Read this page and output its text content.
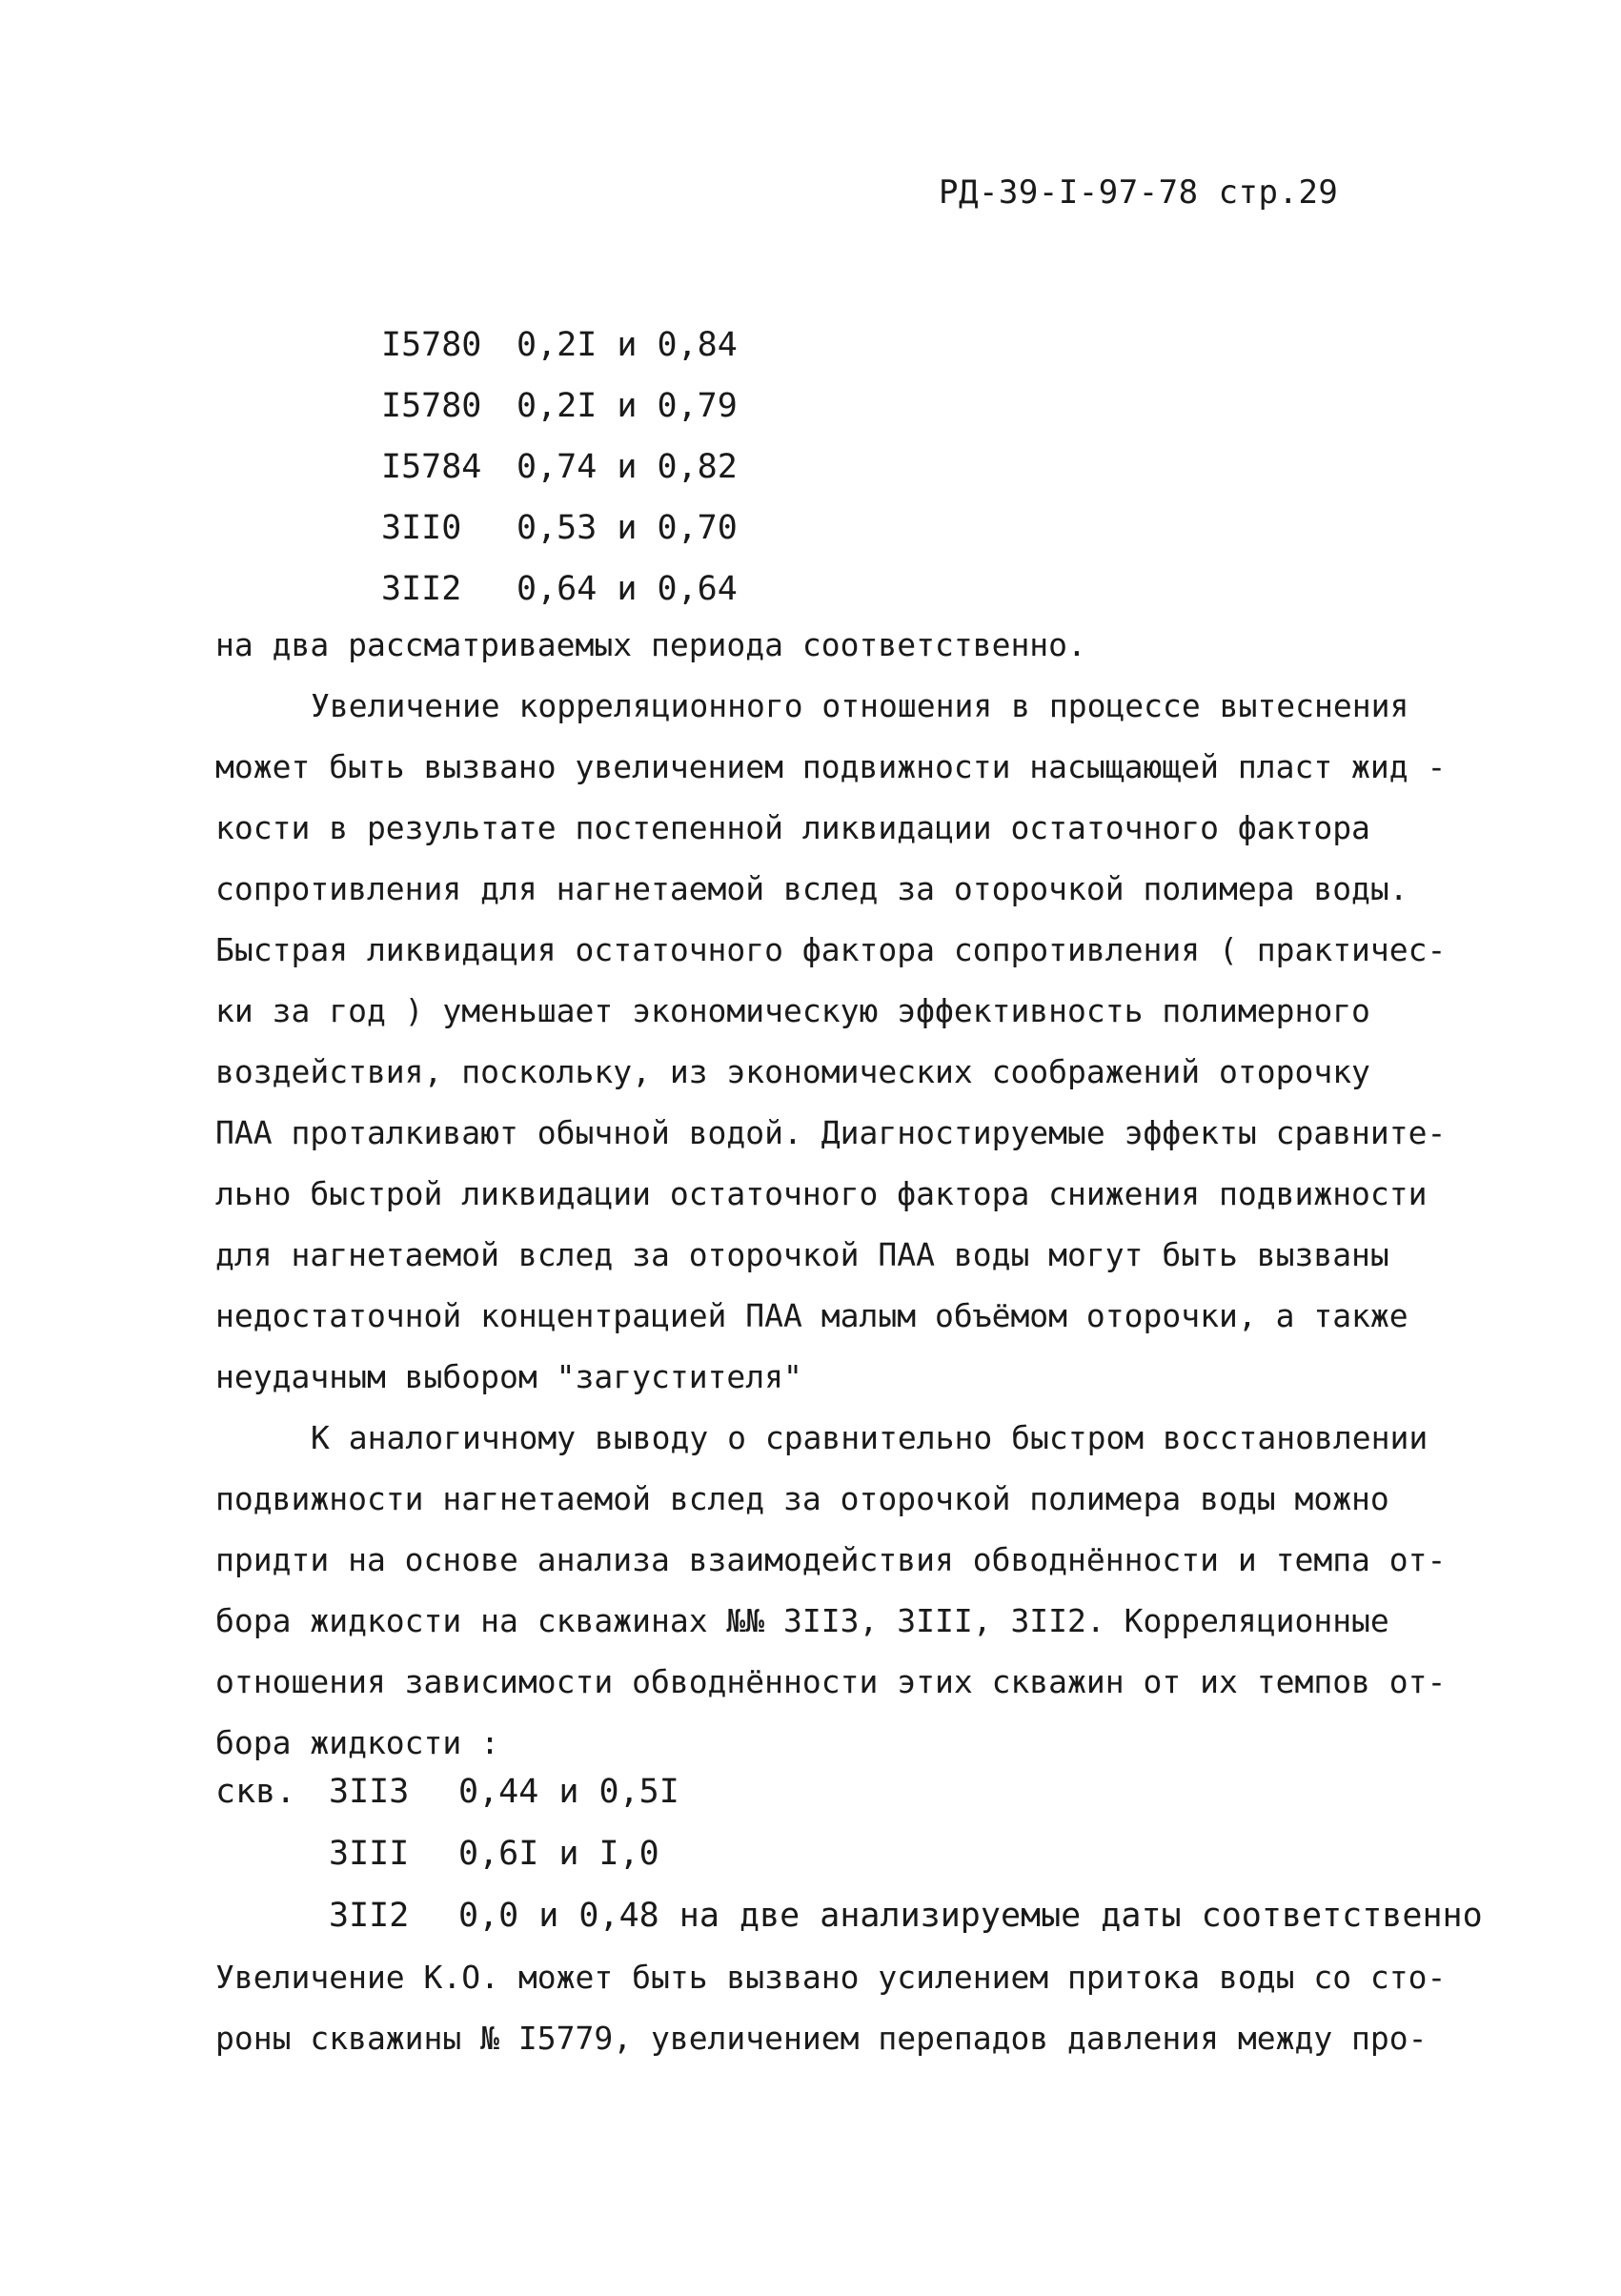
РД-39-I-97-78 стр.29
I5780	0,2I и 0,84
I5780	0,2I и 0,79
I5784	0,74 и 0,82
3II0	0,53 и 0,70
3II2	0,64 и 0,64
на два рассматриваемых периода соответственно.
Увеличение корреляционного отношения в процессе вытеснения
может быть вызвано увеличением подвижности насыщающей пласт жид -
кости в результате постепенной ликвидации остаточного фактора
сопротивления для нагнетаемой вслед за оторочкой полимера воды.
Быстрая ликвидация остаточного фактора сопротивления ( практичес-
ки за год ) уменьшает экономическую эффективность полимерного
воздействия, поскольку, из экономических соображений оторочку
ПАА проталкивают обычной водой. Диагностируемые эффекты сравните-
льно быстрой ликвидации остаточного фактора снижения подвижности
для нагнетаемой вслед за оторочкой ПАА воды могут быть вызваны
недостаточной концентрацией ПАА малым объёмом оторочки, а также
неудачным выбором "загустителя"
К аналогичному выводу о сравнительно быстром восстановлении
подвижности нагнетаемой вслед за оторочкой полимера воды можно
придти на основе анализа взаимодействия обводнённости и темпа от-
бора жидкости на скважинах №№ 3II3, 3III, 3II2. Корреляционные
отношения зависимости обводнённости этих скважин от их темпов от-
бора жидкости :
скв. 3II3 0,44 и 0,5I
3III 0,6I и I,0
3II2 0,0 и 0,48 на две анализируемые даты соответственно
Увеличение К.О. может быть вызвано усилением притока воды со сто-
роны скважины № I5779, увеличением перепадов давления между про-
